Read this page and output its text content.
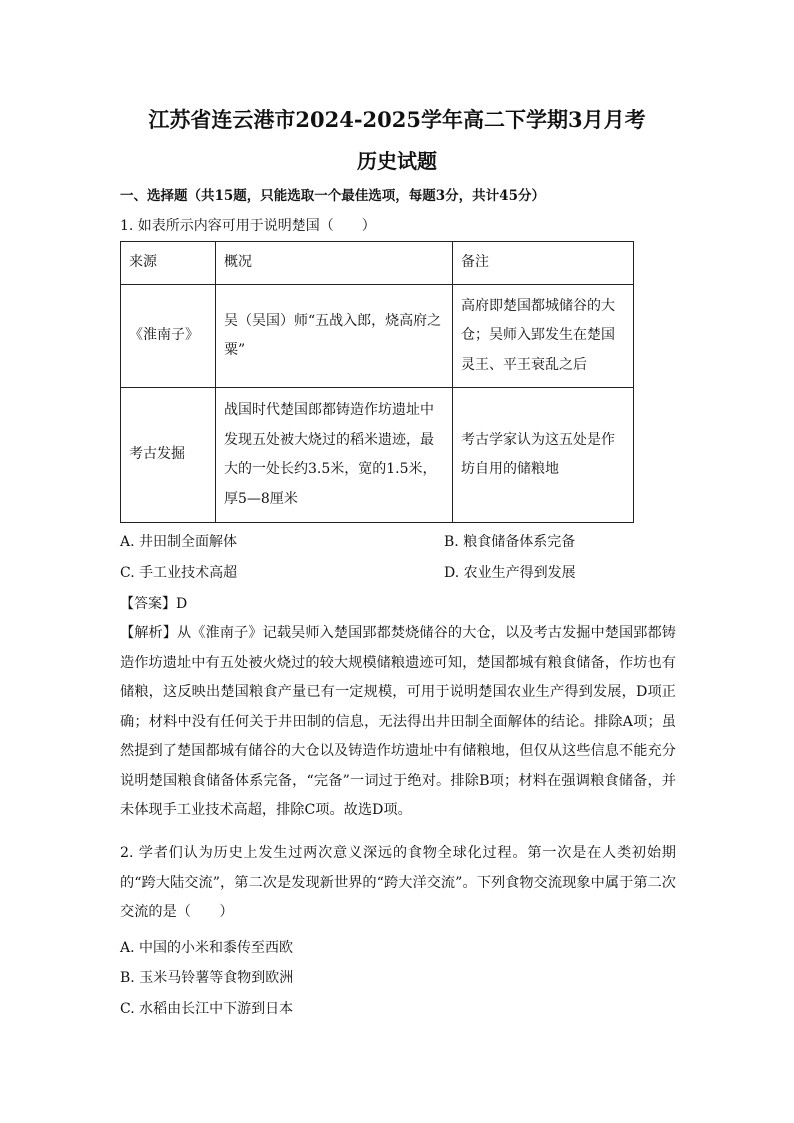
江苏省连云港市2024-2025学年高二下学期3月月考
历史试题
一、选择题（共15题，只能选取一个最佳选项，每题3分，共计45分）
1. 如表所示内容可用于说明楚国（　　）
来源	概况	备注
《淮南子》	吴（吴国）师“五战入郎，烧高府之粟”	高府即楚国都城储谷的大仓；吴师入郢发生在楚国灵王、平王衰乱之后
考古发掘	战国时代楚国郎都铸造作坊遗址中发现五处被大烧过的稻米遗迹，最大的一处长约3.5米，宽的1.5米，厚5—8厘米	考古学家认为这五处是作坊自用的储粮地
A. 井田制全面解体	B. 粮食储备体系完备
C. 手工业技术高超	D. 农业生产得到发展
【答案】D
【解析】从《淮南子》记载吴师入楚国郢都焚烧储谷的大仓，以及考古发掘中楚国郢都铸造作坊遗址中有五处被火烧过的较大规模储粮遗迹可知，楚国都城有粮食储备，作坊也有储粮，这反映出楚国粮食产量已有一定规模，可用于说明楚国农业生产得到发展，D项正确；材料中没有任何关于井田制的信息，无法得出井田制全面解体的结论。排除A项；虽然提到了楚国都城有储谷的大仓以及铸造作坊遗址中有储粮地，但仅从这些信息不能充分说明楚国粮食储备体系完备，“完备”一词过于绝对。排除B项；材料在强调粮食储备，并未体现手工业技术高超，排除C项。故选D项。
2. 学者们认为历史上发生过两次意义深远的食物全球化过程。第一次是在人类初始期的“跨大陆交流”，第二次是发现新世界的“跨大洋交流”。下列食物交流现象中属于第二次交流的是（　　）
A. 中国的小米和黍传至西欧
B. 玉米马铃薯等食物到欧洲
C. 水稻由长江中下游到日本
